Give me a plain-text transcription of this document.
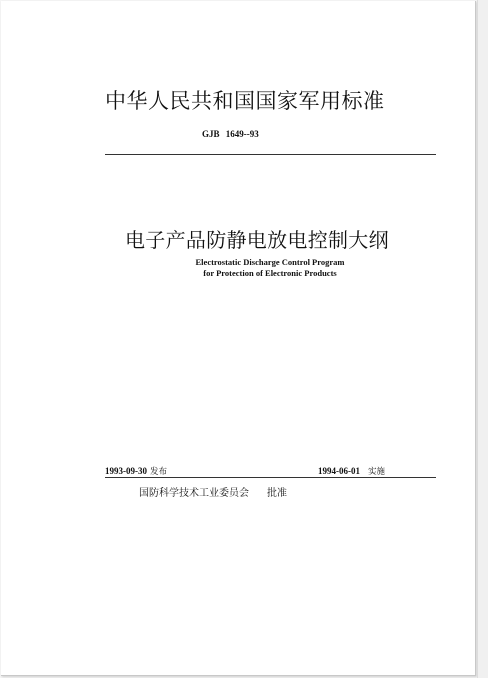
中华人民共和国国家军用标准
GJB 1649--93
电子产品防静电放电控制大纲
Electrostatic Discharge Control Program
for Protection of Electronic Products
1993-09-30 发布	1994-06-01 实施
国防科学技术工业委员会 批准
